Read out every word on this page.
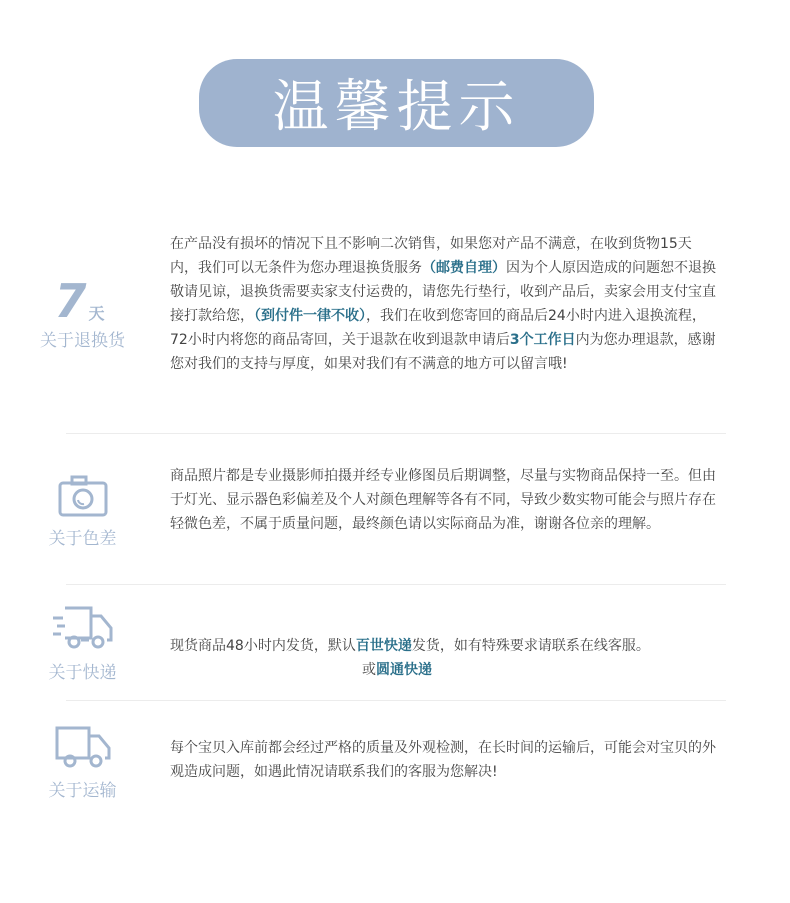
温馨提示
7 天
关于退换货
在产品没有损坏的情况下且不影响二次销售，如果您对产品不满意，在收到货物15天内，我们可以无条件为您办理退换货服务（邮费自理）因为个人原因造成的问题恕不退换敬请见谅，退换货需要卖家支付运费的，请您先行垫行，收到产品后，卖家会用支付宝直接打款给您，（到付件一律不收），我们在收到您寄回的商品后24小时内进入退换流程，72小时内将您的商品寄回，关于退款在收到退款申请后3个工作日内为您办理退款，感谢您对我们的支持与厚度，如果对我们有不满意的地方可以留言哦!
关于色差
商品照片都是专业摄影师拍摄并经专业修图员后期调整，尽量与实物商品保持一至。但由于灯光、显示器色彩偏差及个人对颜色理解等各有不同，导致少数实物可能会与照片存在轻微色差，不属于质量问题，最终颜色请以实际商品为准，谢谢各位亲的理解。
关于快递
现货商品48小时内发货，默认百世快递发货，如有特殊要求请联系在线客服。
或圆通快递
关于运输
每个宝贝入库前都会经过严格的质量及外观检测，在长时间的运输后，可能会对宝贝的外观造成问题，如遇此情况请联系我们的客服为您解决!
